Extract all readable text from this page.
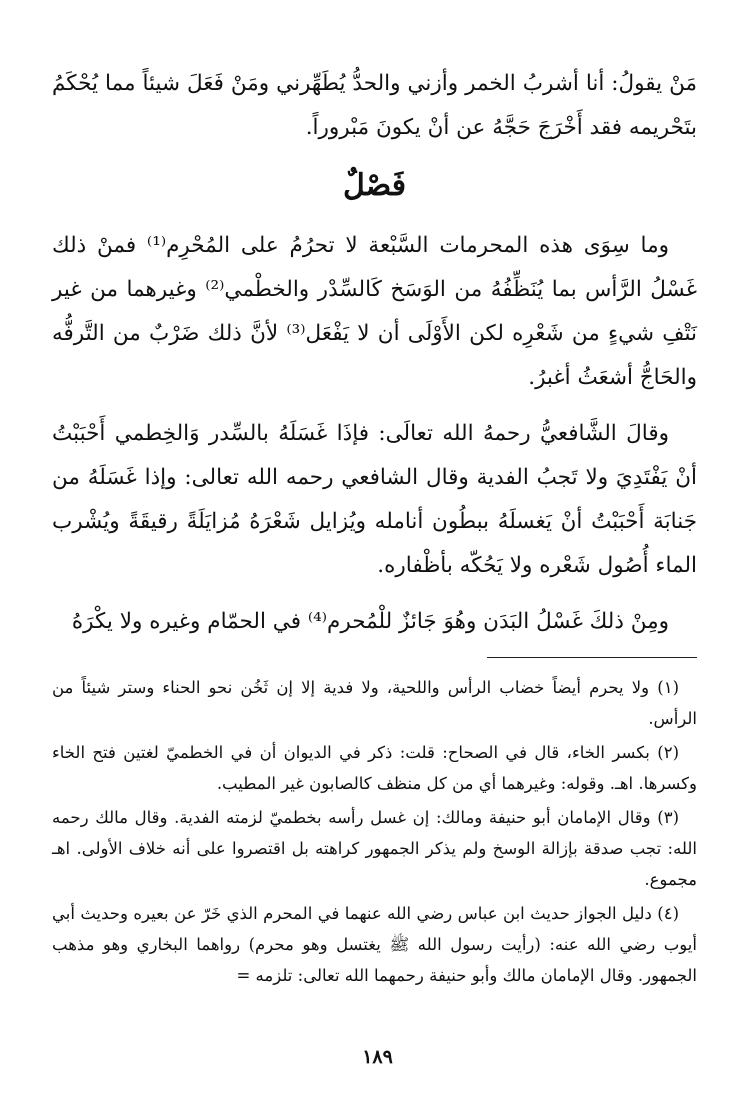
مَنْ يقولُ: أنا أشربُ الخمر وأزني والحدُّ يُطَهِّرني ومَنْ فَعَلَ شيئاً مما يُحْكَمُ بتَحْريمه فقد أَخْرَجَ حَجَّهُ عن أنْ يكونَ مَبْروراً.

فَصْلٌ

وما سِوَى هذه المحرمات السَّبْعة لا تحرُمُ على المُحْرِم⁽¹⁾ فمنْ ذلك غَسْلُ الرَّأس بما يُنَظِّفُهُ من الوَسَخ كَالسِّدْر والخطْمي⁽²⁾ وغيرهما من غير نَتْفِ شيءٍ من شَعْرِه لكن الأَوْلَى أن لا يَفْعَل⁽³⁾ لأنَّ ذلك ضَرْبٌ من التَّرفُّه والحَاجُّ أشعَثُ أغبرُ.

وقالَ الشَّافعيُّ رحمهُ الله تعالَى: فإذَا غَسَلَهُ بالسِّدر وَالخِطمي أَحْبَبْتُ أنْ يَفْتَدِيَ ولا تَجبُ الفدية وقال الشافعي رحمه الله تعالى: وإذا غَسَلَهُ من جَنابَة أَحْبَبْتُ أنْ يَغسلَهُ ببطُون أنامله ويُزايل شَعْرَهُ مُزايَلَةً رقيقَةً ويُشْرب الماء أُصُول شَعْره ولا يَحُكّه بأظْفاره.

ومِنْ ذلكَ غَسْلُ البَدَن وهُوَ جَائزٌ للْمُحرم⁽⁴⁾ في الحمّام وغيره ولا يكْرَهُ

(١) ولا يحرم أيضاً خضاب الرأس واللحية، ولا فدية إلا إن ثَخُن نحو الحناء وستر شيئاً من الرأس.

(٢) بكسر الخاء، قال في الصحاح: قلت: ذكر في الديوان أن في الخطميّ لغتين فتح الخاء وكسرها. اهـ. وقوله: وغيرهما أي من كل منظف كالصابون غير المطيب.

(٣) وقال الإمامان أبو حنيفة ومالك: إن غسل رأسه بخطميّ لزمته الفدية. وقال مالك رحمه الله: تجب صدقة بإزالة الوسخ ولم يذكر الجمهور كراهته بل اقتصروا على أنه خلاف الأولى. اهـ مجموع.

(٤) دليل الجواز حديث ابن عباس رضي الله عنهما في المحرم الذي خَرّ عن بعيره وحديث أبي أيوب رضي الله عنه: (رأيت رسول الله ﷺ يغتسل وهو محرم) رواهما البخاري وهو مذهب الجمهور. وقال الإمامان مالك وأبو حنيفة رحمهما الله تعالى: تلزمه =

١٨٩
